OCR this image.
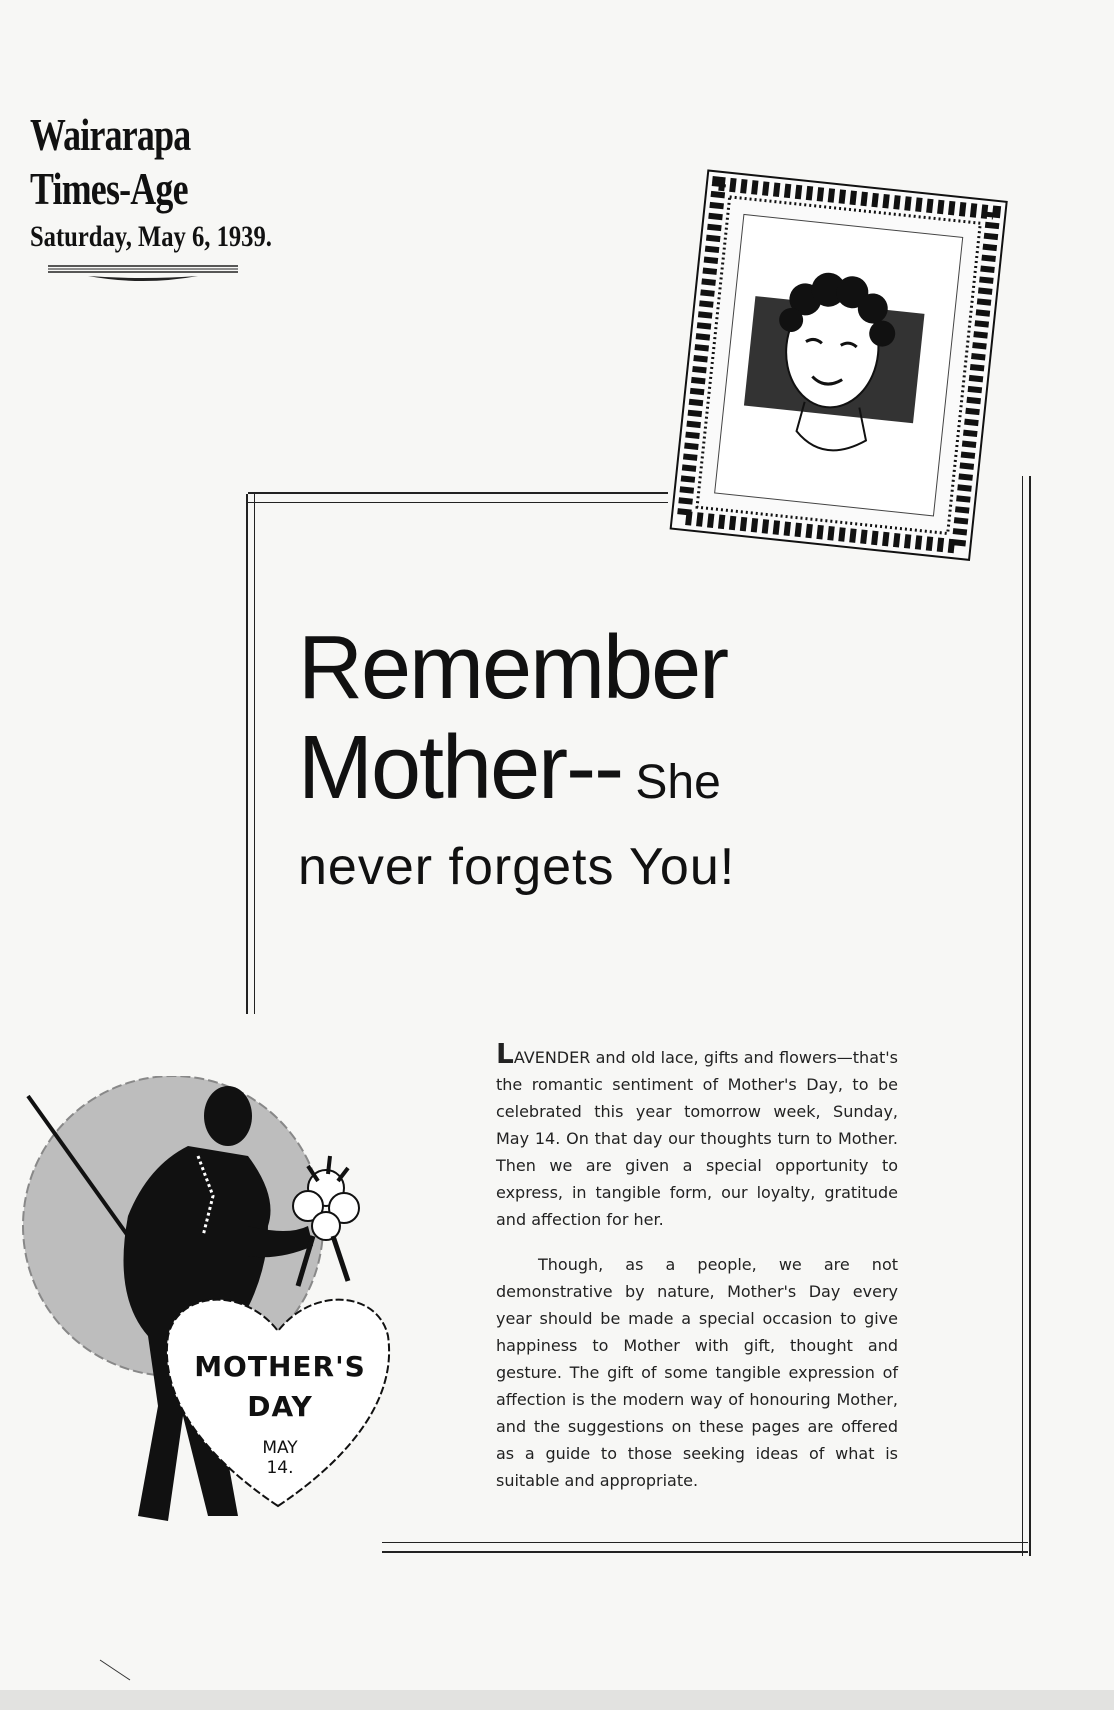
Wairarapa
Times-Age
Saturday, May 6, 1939.
Remember
Mother-- She
never forgets You!

LAVENDER and old lace, gifts and flowers—that's the romantic sentiment of Mother's Day, to be celebrated this year tomorrow week, Sunday, May 14. On that day our thoughts turn to Mother. Then we are given a special opportunity to express, in tangible form, our loyalty, gratitude and affection for her.

Though, as a people, we are not demonstrative by nature, Mother's Day every year should be made a special occasion to give happiness to Mother with gift, thought and gesture. The gift of some tangible expression of affection is the modern way of honouring Mother, and the suggestions on these pages are offered as a guide to those seeking ideas of what is suitable and appropriate.

MOTHER'S
DAY
MAY
14.
